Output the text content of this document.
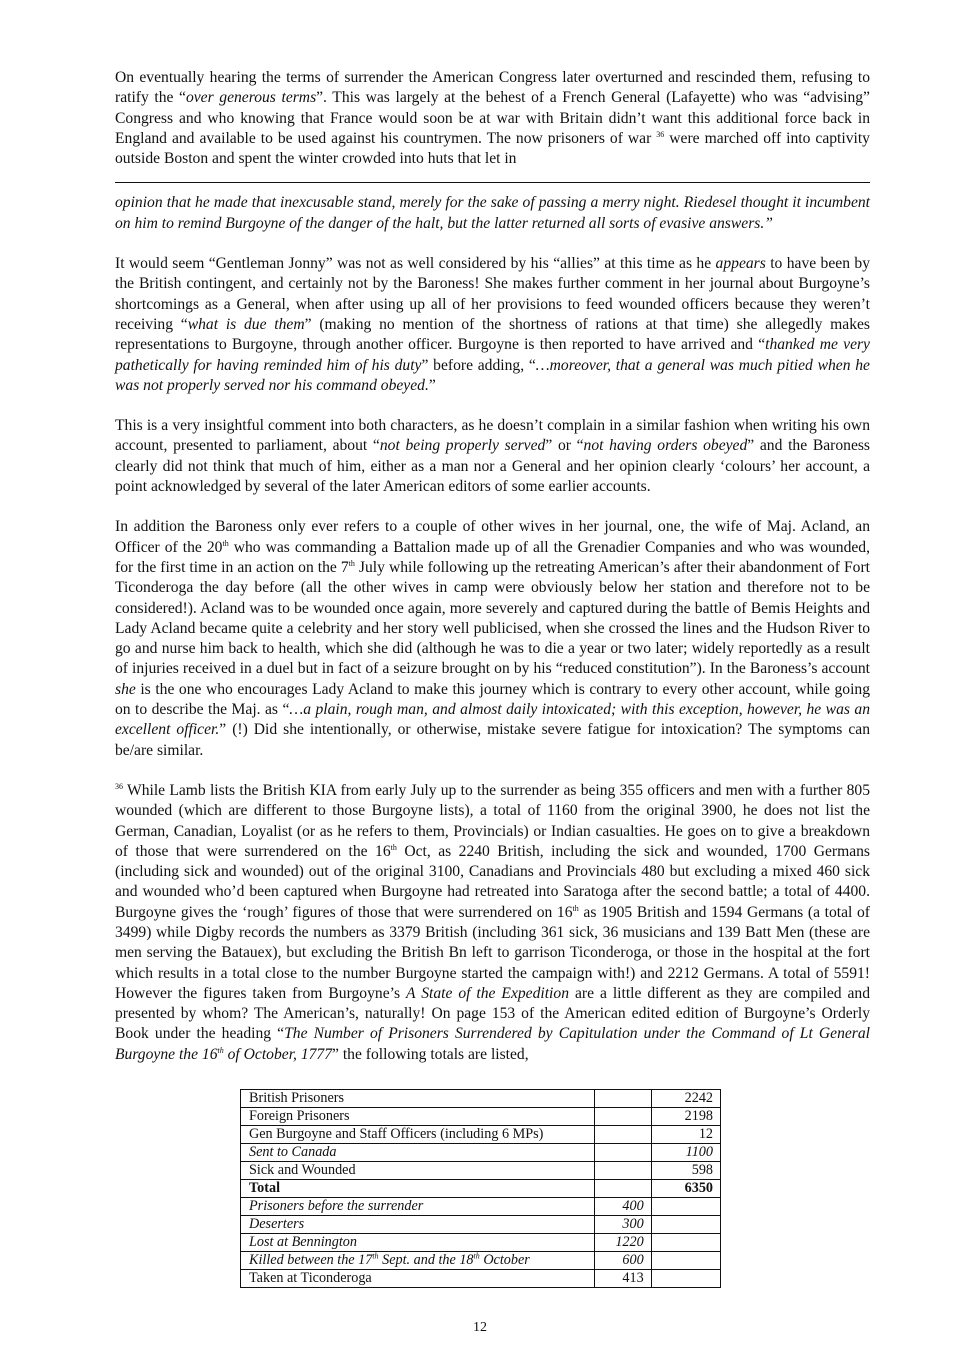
On eventually hearing the terms of surrender the American Congress later overturned and rescinded them, refusing to ratify the “over generous terms”. This was largely at the behest of a French General (Lafayette) who was “advising” Congress and who knowing that France would soon be at war with Britain didn’t want this additional force back in England and available to be used against his countrymen. The now prisoners of war $^{36}$ were marched off into captivity outside Boston and spent the winter crowded into huts that let in

opinion that he made that inexcusable stand, merely for the sake of passing a merry night. Riedesel thought it incumbent on him to remind Burgoyne of the danger of the halt, but the latter returned all sorts of evasive answers.”

It would seem “Gentleman Jonny” was not as well considered by his “allies” at this time as he appears to have been by the British contingent, and certainly not by the Baroness! She makes further comment in her journal about Burgoyne’s shortcomings as a General, when after using up all of her provisions to feed wounded officers because they weren’t receiving “what is due them” (making no mention of the shortness of rations at that time) she allegedly makes representations to Burgoyne, through another officer. Burgoyne is then reported to have arrived and “thanked me very pathetically for having reminded him of his duty” before adding, “…moreover, that a general was much pitied when he was not properly served nor his command obeyed.”

This is a very insightful comment into both characters, as he doesn’t complain in a similar fashion when writing his own account, presented to parliament, about “not being properly served” or “not having orders obeyed” and the Baroness clearly did not think that much of him, either as a man nor a General and her opinion clearly ‘colours’ her account, a point acknowledged by several of the later American editors of some earlier accounts.

In addition the Baroness only ever refers to a couple of other wives in her journal, one, the wife of Maj. Acland, an Officer of the 20th who was commanding a Battalion made up of all the Grenadier Companies and who was wounded, for the first time in an action on the 7th July while following up the retreating American’s after their abandonment of Fort Ticonderoga the day before (all the other wives in camp were obviously below her station and therefore not to be considered!). Acland was to be wounded once again, more severely and captured during the battle of Bemis Heights and Lady Acland became quite a celebrity and her story well publicised, when she crossed the lines and the Hudson River to go and nurse him back to health, which she did (although he was to die a year or two later; widely reportedly as a result of injuries received in a duel but in fact of a seizure brought on by his “reduced constitution”). In the Baroness’s account she is the one who encourages Lady Acland to make this journey which is contrary to every other account, while going on to describe the Maj. as “…a plain, rough man, and almost daily intoxicated; with this exception, however, he was an excellent officer.” (!) Did she intentionally, or otherwise, mistake severe fatigue for intoxication? The symptoms can be/are similar.

$^{36}$ While Lamb lists the British KIA from early July up to the surrender as being 355 officers and men with a further 805 wounded (which are different to those Burgoyne lists), a total of 1160 from the original 3900, he does not list the German, Canadian, Loyalist (or as he refers to them, Provincials) or Indian casualties. He goes on to give a breakdown of those that were surrendered on the 16th Oct, as 2240 British, including the sick and wounded, 1700 Germans (including sick and wounded) out of the original 3100, Canadians and Provincials 480 but excluding a mixed 460 sick and wounded who’d been captured when Burgoyne had retreated into Saratoga after the second battle; a total of 4400. Burgoyne gives the ‘rough’ figures of those that were surrendered on 16th as 1905 British and 1594 Germans (a total of 3499) while Digby records the numbers as 3379 British (including 361 sick, 36 musicians and 139 Batt Men (these are men serving the Batauex), but excluding the British Bn left to garrison Ticonderoga, or those in the hospital at the fort which results in a total close to the number Burgoyne started the campaign with!) and 2212 Germans. A total of 5591! However the figures taken from Burgoyne’s A State of the Expedition are a little different as they are compiled and presented by whom? The American’s, naturally! On page 153 of the American edited edition of Burgoyne’s Orderly Book under the heading “The Number of Prisoners Surrendered by Capitulation under the Command of Lt General Burgoyne the 16th of October, 1777” the following totals are listed,

British Prisoners		2242
Foreign Prisoners		2198
Gen Burgoyne and Staff Officers (including 6 MPs)		12
Sent to Canada		1100
Sick and Wounded		598
Total		6350
Prisoners before the surrender	400	
Deserters	300	
Lost at Bennington	1220	
Killed between the 17th Sept. and the 18th October	600	
Taken at Ticonderoga	413	
12
